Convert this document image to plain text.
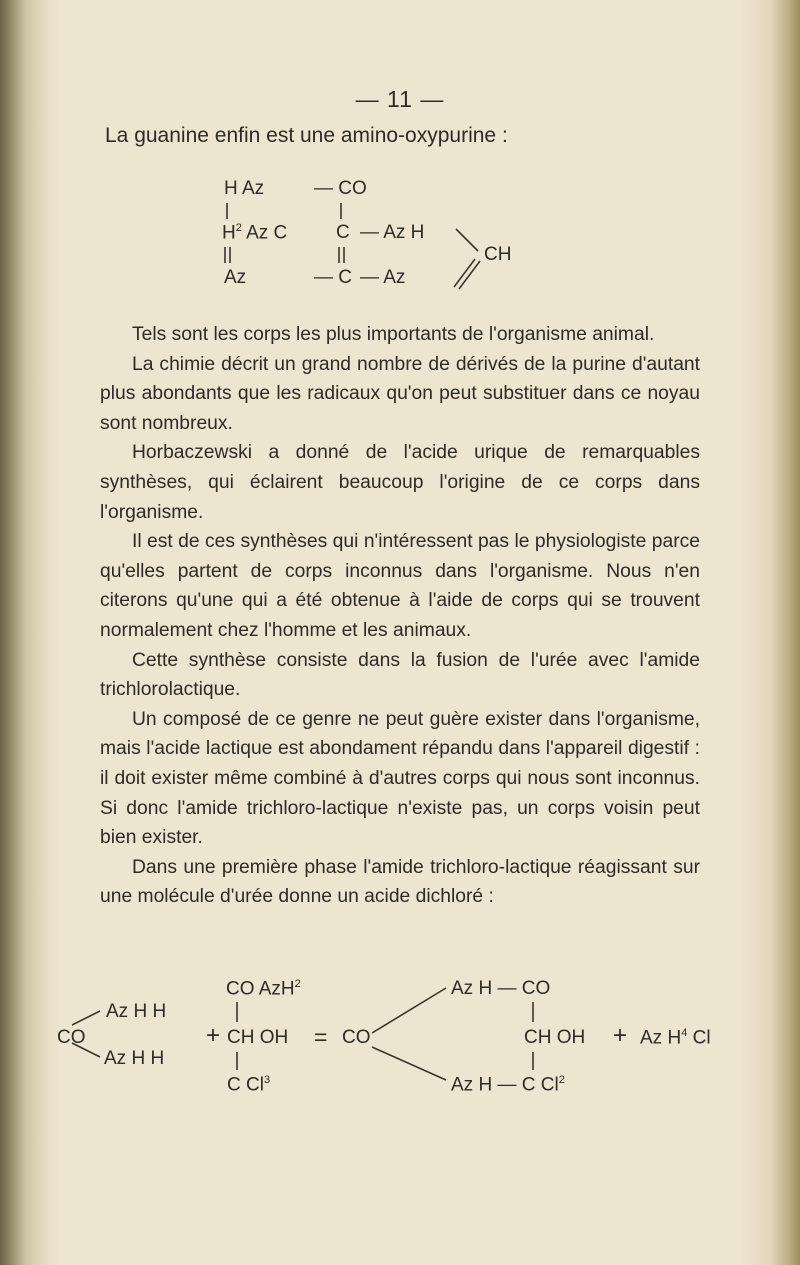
— 11 —
La guanine enfin est une amino-oxypurine :
H Az	— CO
$H^2$ Az C	C — Az H
CH
Az	— C — Az

Tels sont les corps les plus importants de l'organisme animal.

La chimie décrit un grand nombre de dérivés de la purine d'autant plus abondants que les radicaux qu'on peut substituer dans ce noyau sont nombreux.

Horbaczewski a donné de l'acide urique de remarquables synthèses, qui éclairent beaucoup l'origine de ce corps dans l'organisme.

Il est de ces synthèses qui n'intéressent pas le physiologiste parce qu'elles partent de corps inconnus dans l'organisme. Nous n'en citerons qu'une qui a été obtenue à l'aide de corps qui se trouvent normalement chez l'homme et les animaux.

Cette synthèse consiste dans la fusion de l'urée avec l'amide trichlorolactique.

Un composé de ce genre ne peut guère exister dans l'organisme, mais l'acide lactique est abondament répandu dans l'appareil digestif : il doit exister même combiné à d'autres corps qui nous sont inconnus. Si donc l'amide trichloro-lactique n'existe pas, un corps voisin peut bien exister.

Dans une première phase l'amide trichloro-lactique réagissant sur une molécule d'urée donne un acide dichloré :

CO
Az H H
Az H H
+
CO AzH$^2$
CH OH
C $Cl^3$
= CO
Az H — CO
CH OH
Az H — C $Cl^2$
+ Az $H^4$ Cl
